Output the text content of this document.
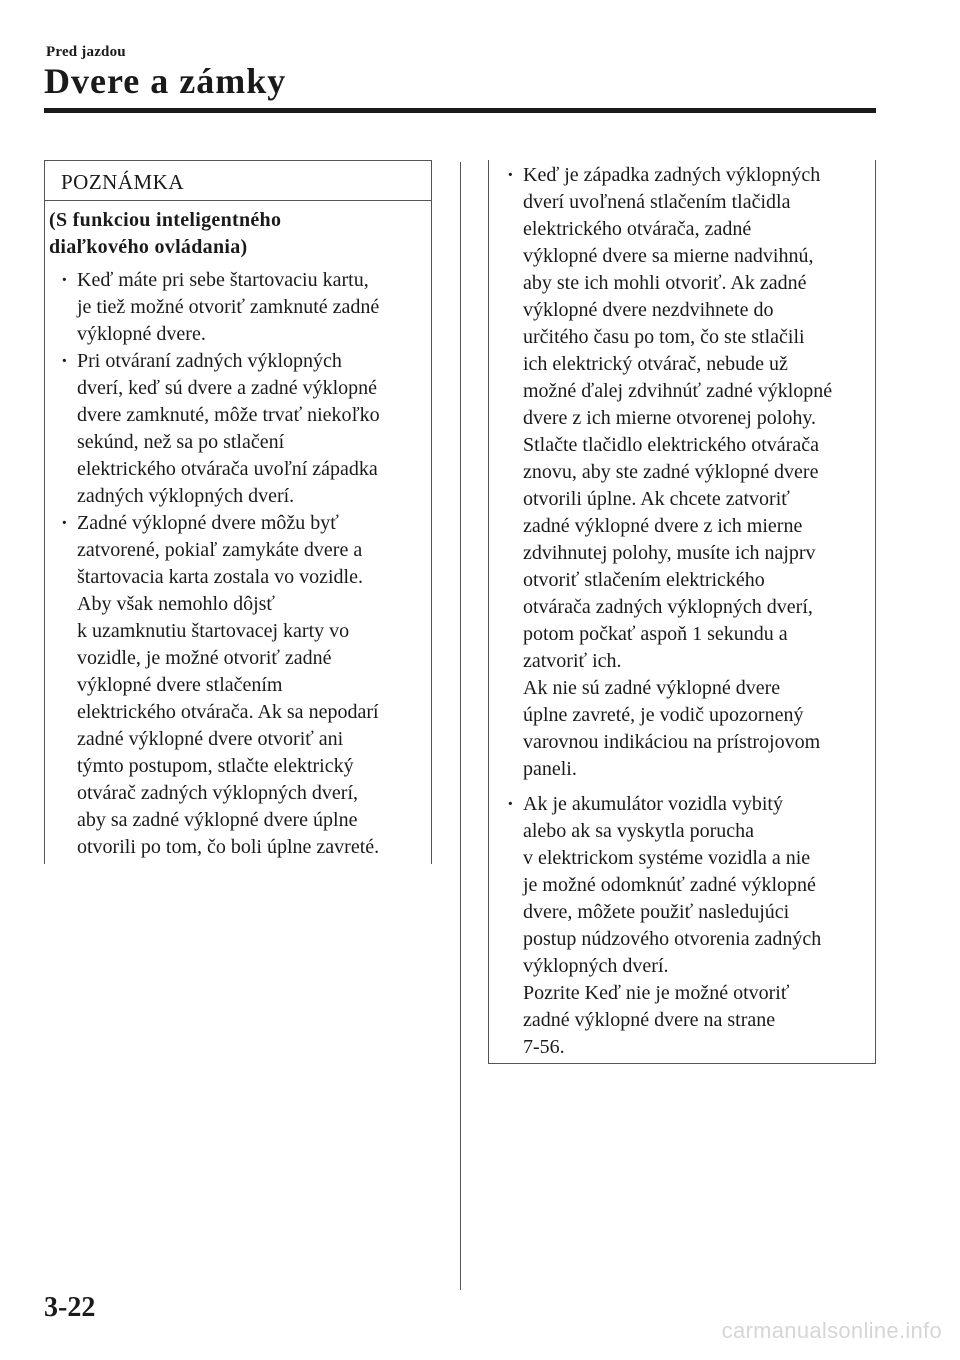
Pred jazdou
Dvere a zámky
POZNÁMKA
(S funkciou inteligentného
diaľkového ovládania)
· Keď máte pri sebe štartovaciu kartu,
je tiež možné otvoriť zamknuté zadné
výklopné dvere.
· Pri otváraní zadných výklopných
dverí, keď sú dvere a zadné výklopné
dvere zamknuté, môže trvať niekoľko
sekúnd, než sa po stlačení
elektrického otvárača uvoľní západka
zadných výklopných dverí.
· Zadné výklopné dvere môžu byť
zatvorené, pokiaľ zamykáte dvere a
štartovacia karta zostala vo vozidle.
Aby však nemohlo dôjsť
k uzamknutiu štartovacej karty vo
vozidle, je možné otvoriť zadné
výklopné dvere stlačením
elektrického otvárača. Ak sa nepodarí
zadné výklopné dvere otvoriť ani
týmto postupom, stlačte elektrický
otvárač zadných výklopných dverí,
aby sa zadné výklopné dvere úplne
otvorili po tom, čo boli úplne zavreté.
· Keď je západka zadných výklopných
dverí uvoľnená stlačením tlačidla
elektrického otvárača, zadné
výklopné dvere sa mierne nadvihnú,
aby ste ich mohli otvoriť. Ak zadné
výklopné dvere nezdvihnete do
určitého času po tom, čo ste stlačili
ich elektrický otvárač, nebude už
možné ďalej zdvihnúť zadné výklopné
dvere z ich mierne otvorenej polohy.
Stlačte tlačidlo elektrického otvárača
znovu, aby ste zadné výklopné dvere
otvorili úplne. Ak chcete zatvoriť
zadné výklopné dvere z ich mierne
zdvihnutej polohy, musíte ich najprv
otvoriť stlačením elektrického
otvárača zadných výklopných dverí,
potom počkať aspoň 1 sekundu a
zatvoriť ich.
Ak nie sú zadné výklopné dvere
úplne zavreté, je vodič upozornený
varovnou indikáciou na prístrojovom
paneli.
· Ak je akumulátor vozidla vybitý
alebo ak sa vyskytla porucha
v elektrickom systéme vozidla a nie
je možné odomknúť zadné výklopné
dvere, môžete použiť nasledujúci
postup núdzového otvorenia zadných
výklopných dverí.
Pozrite Keď nie je možné otvoriť
zadné výklopné dvere na strane
7-56.
3-22
carmanualsonline.info
